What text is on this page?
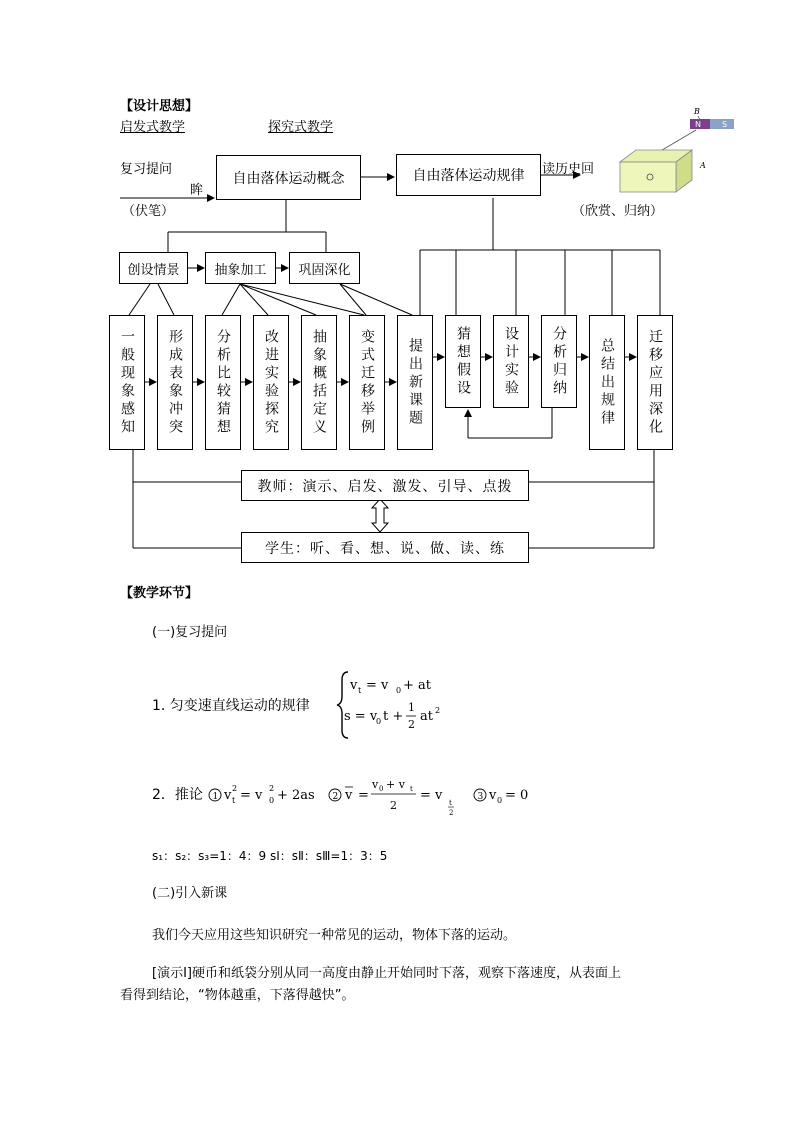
【设计思想】
启发式教学	探究式教学
复习提问
眸
（伏笔）
自由落体运动概念	自由落体运动规律	读历史回
（欣赏、归纳）
创设情景	抽象加工	巩固深化
一般现象感知 形成表象冲突 分析比较猜想 改进实验探究 抽象概括定义 变式迁移举例 提出新课题 猜想假设 设计实验 分析归纳 总结出规律 迁移应用深化
教师：演示、启发、激发、引导、点拨
学生：听、看、想、说、做、读、练
B
N	S
A
【教学环节】
(一)复习提问
1. 匀变速直线运动的规律
v t = v 0 + at
s = v
0 t +
1
2
at 2
2．推论 1 v 2
t = v 2
0 + 2as 2 v =
v 0 + v t
2
= v t
2
3 v 0 = 0
s₁：s₂：s₃=1：4：9 sⅠ：sⅡ：sⅢ=1：3：5
(二)引入新课
我们今天应用这些知识研究一种常见的运动，物体下落的运动。
[演示Ⅰ]硬币和纸袋分别从同一高度由静止开始同时下落，观察下落速度，从表面上
看得到结论，“物体越重，下落得越快”。
